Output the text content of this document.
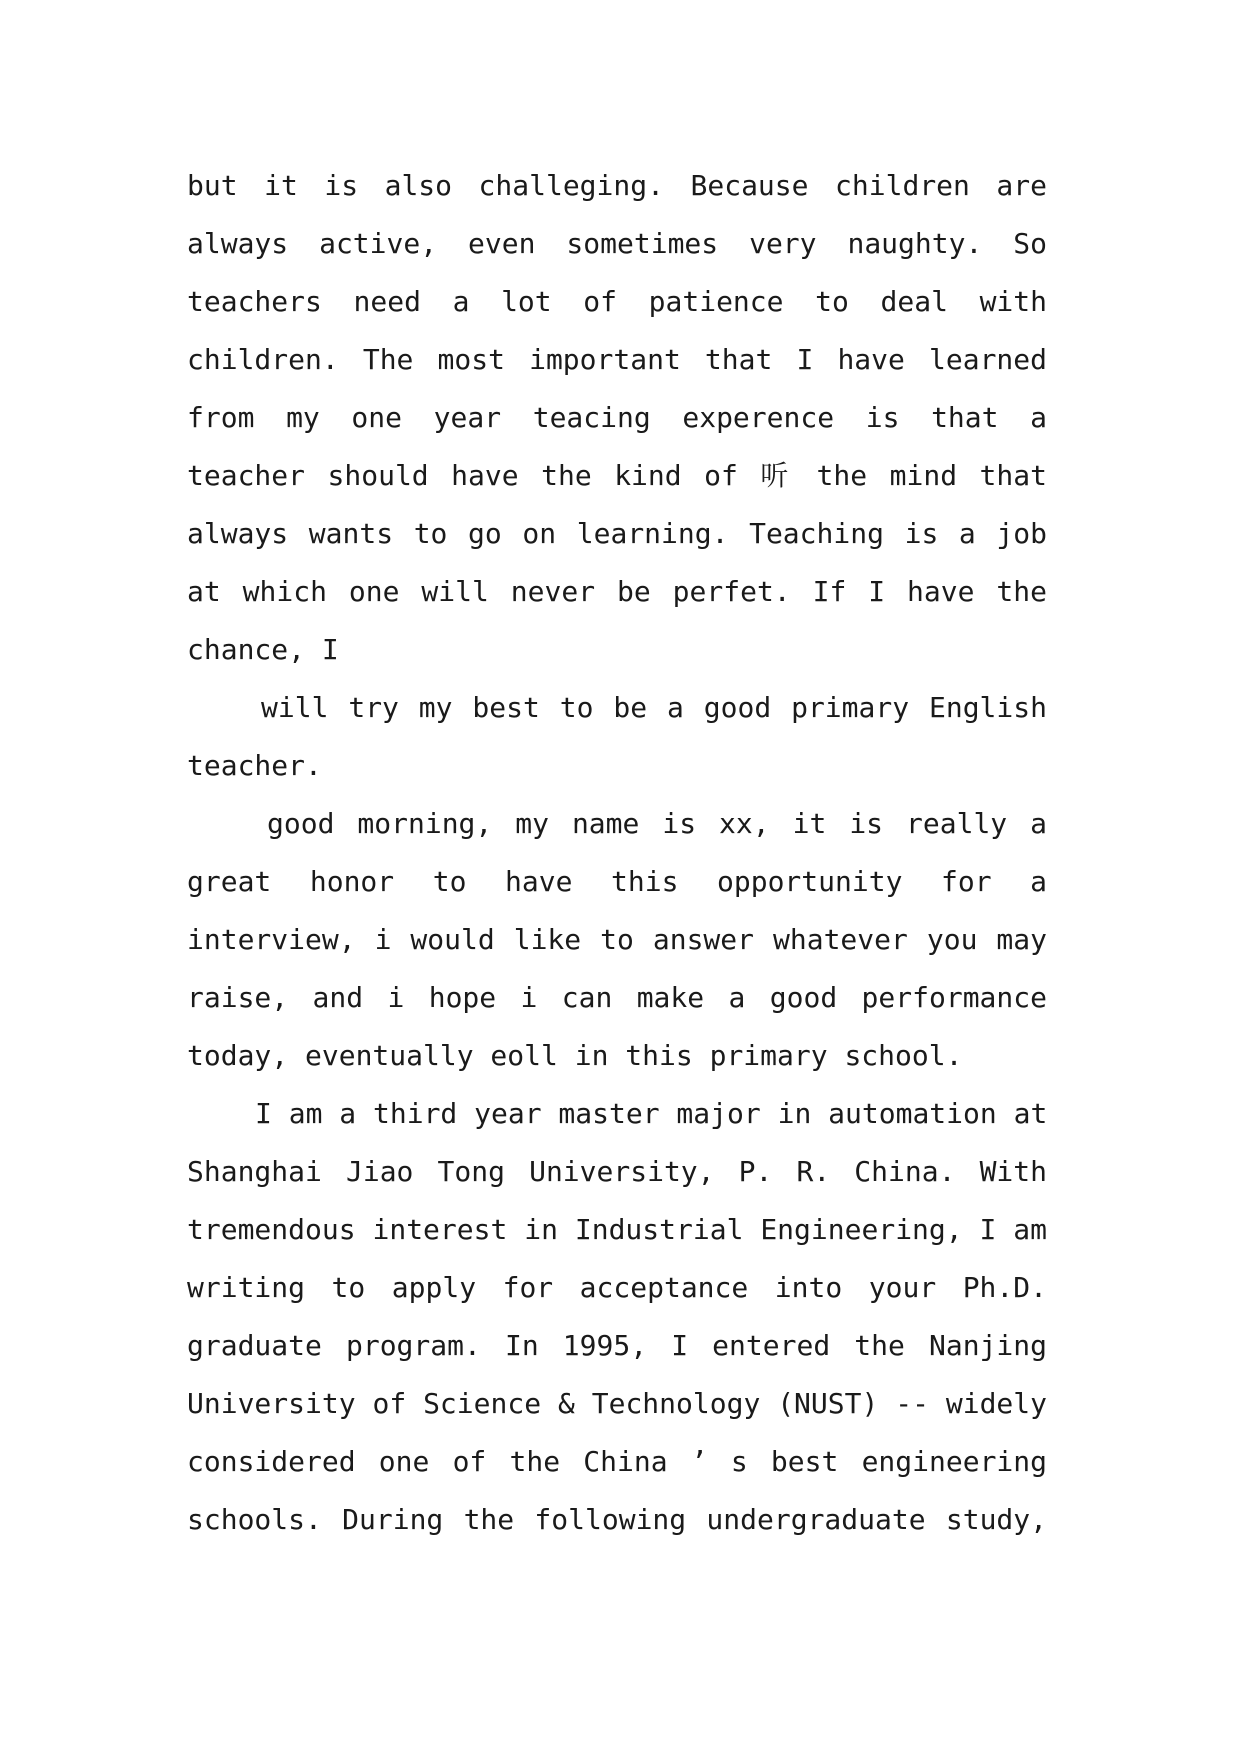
but it is also challeging. Because children are
always active, even sometimes very naughty. So
teachers need a lot of patience to deal with
children. The most important that I have learned
from my one year teacing experence is that a
teacher should have the kind of 听 the mind that
always wants to go on learning. Teaching is a job
at which one will never be perfet. If I have the
chance, I
will try my best to be a good primary English
teacher.
good morning, my name is xx, it is really a
great honor to have this opportunity for a
interview, i would like to answer whatever you may
raise, and i hope i can make a good performance
today, eventually eoll in this primary school.
I am a third year master major in automation at
Shanghai Jiao Tong University, P. R. China. With
tremendous interest in Industrial Engineering, I am
writing to apply for acceptance into your Ph.D.
graduate program. In 1995, I entered the Nanjing
University of Science & Technology (NUST) -- widely
considered one of the China ’ s best engineering
schools. During the following undergraduate study,
